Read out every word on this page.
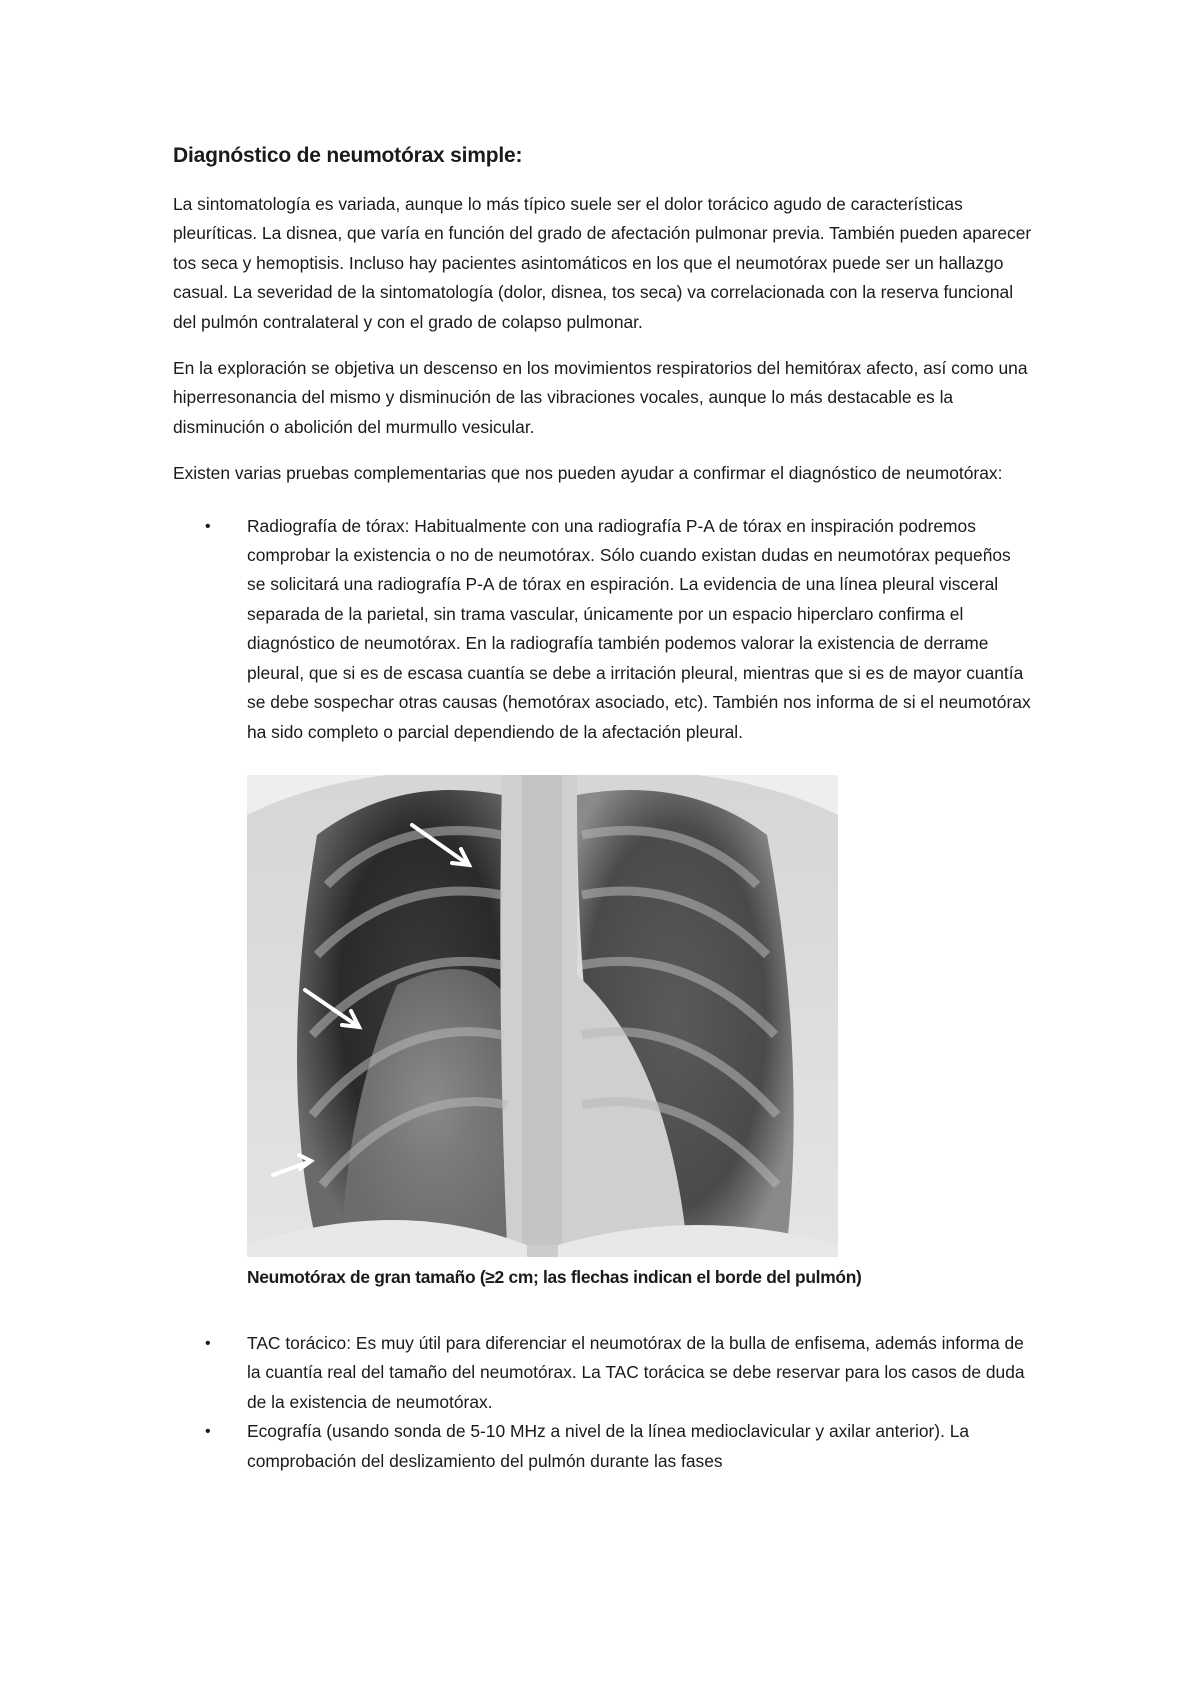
Diagnóstico de neumotórax simple:

La sintomatología es variada, aunque lo más típico suele ser el dolor torácico agudo de características pleuríticas. La disnea, que varía en función del grado de afectación pulmonar previa. También pueden aparecer tos seca y hemoptisis. Incluso hay pacientes asintomáticos en los que el neumotórax puede ser un hallazgo casual. La severidad de la sintomatología (dolor, disnea, tos seca) va correlacionada con la reserva funcional del pulmón contralateral y con el grado de colapso pulmonar.

En la exploración se objetiva un descenso en los movimientos respiratorios del hemitórax afecto, así como una hiperresonancia del mismo y disminución de las vibraciones vocales, aunque lo más destacable es la disminución o abolición del murmullo vesicular.

Existen varias pruebas complementarias que nos pueden ayudar a confirmar el diagnóstico de neumotórax:

• Radiografía de tórax: Habitualmente con una radiografía P-A de tórax en inspiración podremos comprobar la existencia o no de neumotórax. Sólo cuando existan dudas en neumotórax pequeños se solicitará una radiografía P-A de tórax en espiración. La evidencia de una línea pleural visceral separada de la parietal, sin trama vascular, únicamente por un espacio hiperclaro confirma el diagnóstico de neumotórax. En la radiografía también podemos valorar la existencia de derrame pleural, que si es de escasa cuantía se debe a irritación pleural, mientras que si es de mayor cuantía se debe sospechar otras causas (hemotórax asociado, etc). También nos informa de si el neumotórax ha sido completo o parcial dependiendo de la afectación pleural.
Neumotórax de gran tamaño (≥2 cm; las flechas indican el borde del pulmón)
• TAC torácico: Es muy útil para diferenciar el neumotórax de la bulla de enfisema, además informa de la cuantía real del tamaño del neumotórax. La TAC torácica se debe reservar para los casos de duda de la existencia de neumotórax.
• Ecografía (usando sonda de 5-10 MHz a nivel de la línea medioclavicular y axilar anterior). La comprobación del deslizamiento del pulmón durante las fases
